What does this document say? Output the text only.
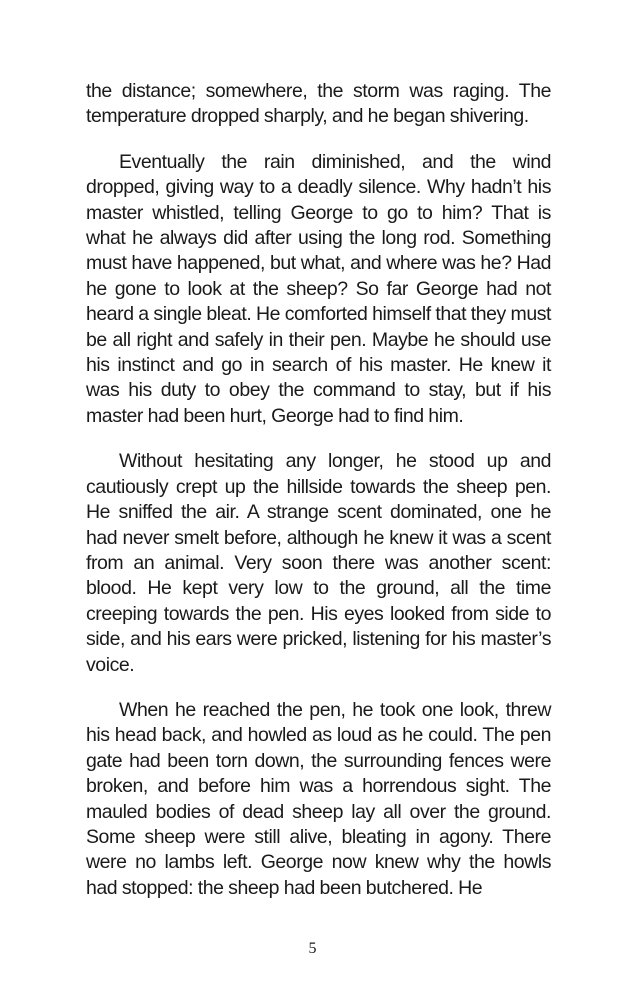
the distance; somewhere, the storm was raging. The temperature dropped sharply, and he began shivering.

Eventually the rain diminished, and the wind dropped, giving way to a deadly silence. Why hadn’t his master whistled, telling George to go to him? That is what he always did after using the long rod. Something must have happened, but what, and where was he? Had he gone to look at the sheep? So far George had not heard a single bleat. He comforted himself that they must be all right and safely in their pen. Maybe he should use his instinct and go in search of his master. He knew it was his duty to obey the command to stay, but if his master had been hurt, George had to find him.

Without hesitating any longer, he stood up and cautiously crept up the hillside towards the sheep pen. He sniffed the air. A strange scent dominated, one he had never smelt before, although he knew it was a scent from an animal. Very soon there was another scent: blood. He kept very low to the ground, all the time creeping towards the pen. His eyes looked from side to side, and his ears were pricked, listening for his master’s voice.

When he reached the pen, he took one look, threw his head back, and howled as loud as he could. The pen gate had been torn down, the surrounding fences were broken, and before him was a horrendous sight. The mauled bodies of dead sheep lay all over the ground. Some sheep were still alive, bleating in agony. There were no lambs left. George now knew why the howls had stopped: the sheep had been butchered. He

5
